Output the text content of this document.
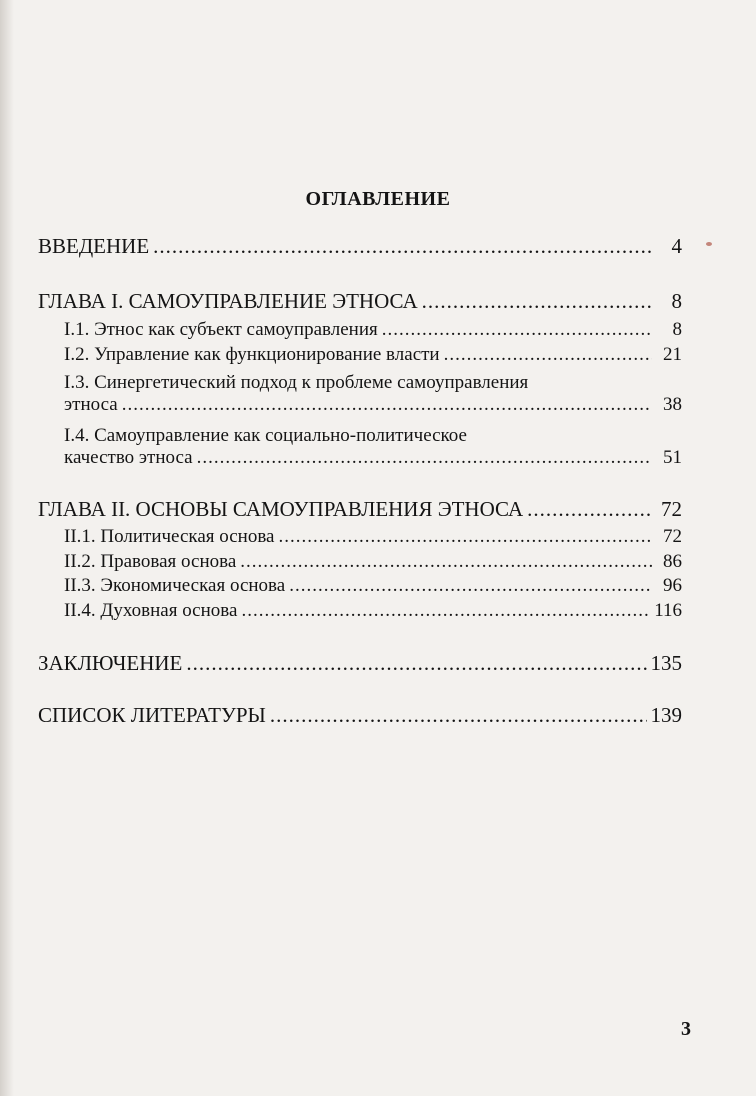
ОГЛАВЛЕНИЕ
ВВЕДЕНИЕ .....	4
ГЛАВА I. САМОУПРАВЛЕНИЕ ЭТНОСА .....	8
I.1. Этнос как субъект самоуправления .....	8
I.2. Управление как функционирование власти .....	21
I.3. Синергетический подход к проблеме самоуправления
этноса .....	38
I.4. Самоуправление как социально-политическое
качество этноса .....	51
ГЛАВА II. ОСНОВЫ САМОУПРАВЛЕНИЯ ЭТНОСА .....	72
II.1. Политическая основа .....	72
II.2. Правовая основа .....	86
II.3. Экономическая основа .....	96
II.4. Духовная основа .....	116
ЗАКЛЮЧЕНИЕ .....	135
СПИСОК ЛИТЕРАТУРЫ .....	139
3
